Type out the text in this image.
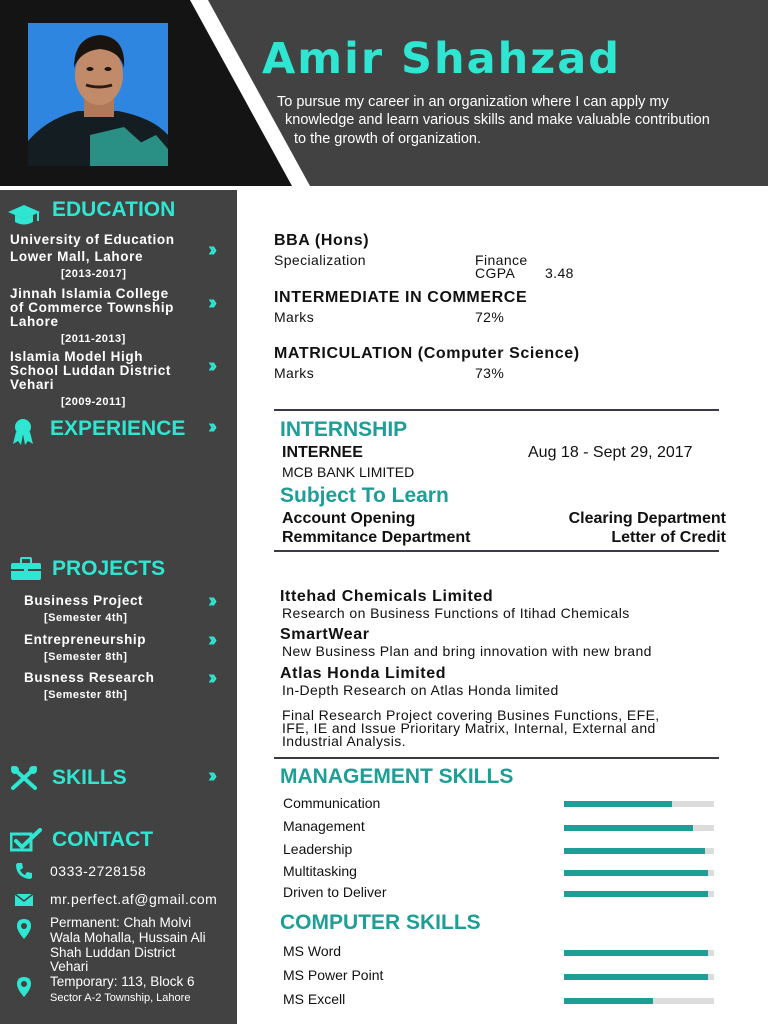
Amir Shahzad
To pursue my career in an organization where I can apply my
knowledge and learn various skills and make valuable contribution
to the growth of organization.
EDUCATION
University of Education
Lower Mall, Lahore
[2013-2017]
››
Jinnah Islamia College
of Commerce Township
Lahore
[2011-2013]
››
Islamia Model High
School Luddan District
Vehari
[2009-2011]
››
EXPERIENCE ››
PROJECTS
Business Project
[Semester 4th]
››
Entrepreneurship
[Semester 8th]
››
Busness Research
[Semester 8th]
››
SKILLS	››
CONTACT
0333-2728158
mr.perfect.af@gmail.com
Permanent: Chah Molvi
Wala Mohalla, Hussain Ali
Shah Luddan District
Vehari
Temporary: 113, Block 6
Sector A-2 Township, Lahore
BBA (Hons)
Specialization	Finance
CGPA 3.48
INTERMEDIATE IN COMMERCE
Marks	72%
MATRICULATION (Computer Science)
Marks	73%
INTERNSHIP
INTERNEE	Aug 18 - Sept 29, 2017
MCB BANK LIMITED
Subject To Learn
Account Opening	Clearing Department
Remmitance Department	Letter of Credit
Ittehad Chemicals Limited
Research on Business Functions of Itihad Chemicals
SmartWear
New Business Plan and bring innovation with new brand
Atlas Honda Limited
In-Depth Research on Atlas Honda limited
Final Research Project covering Busines Functions, EFE,
IFE, IE and Issue Prioritary Matrix, Internal, External and
Industrial Analysis.
MANAGEMENT SKILLS
Communication
Management
Leadership
Multitasking
Driven to Deliver
COMPUTER SKILLS
MS Word
MS Power Point
MS Excell
